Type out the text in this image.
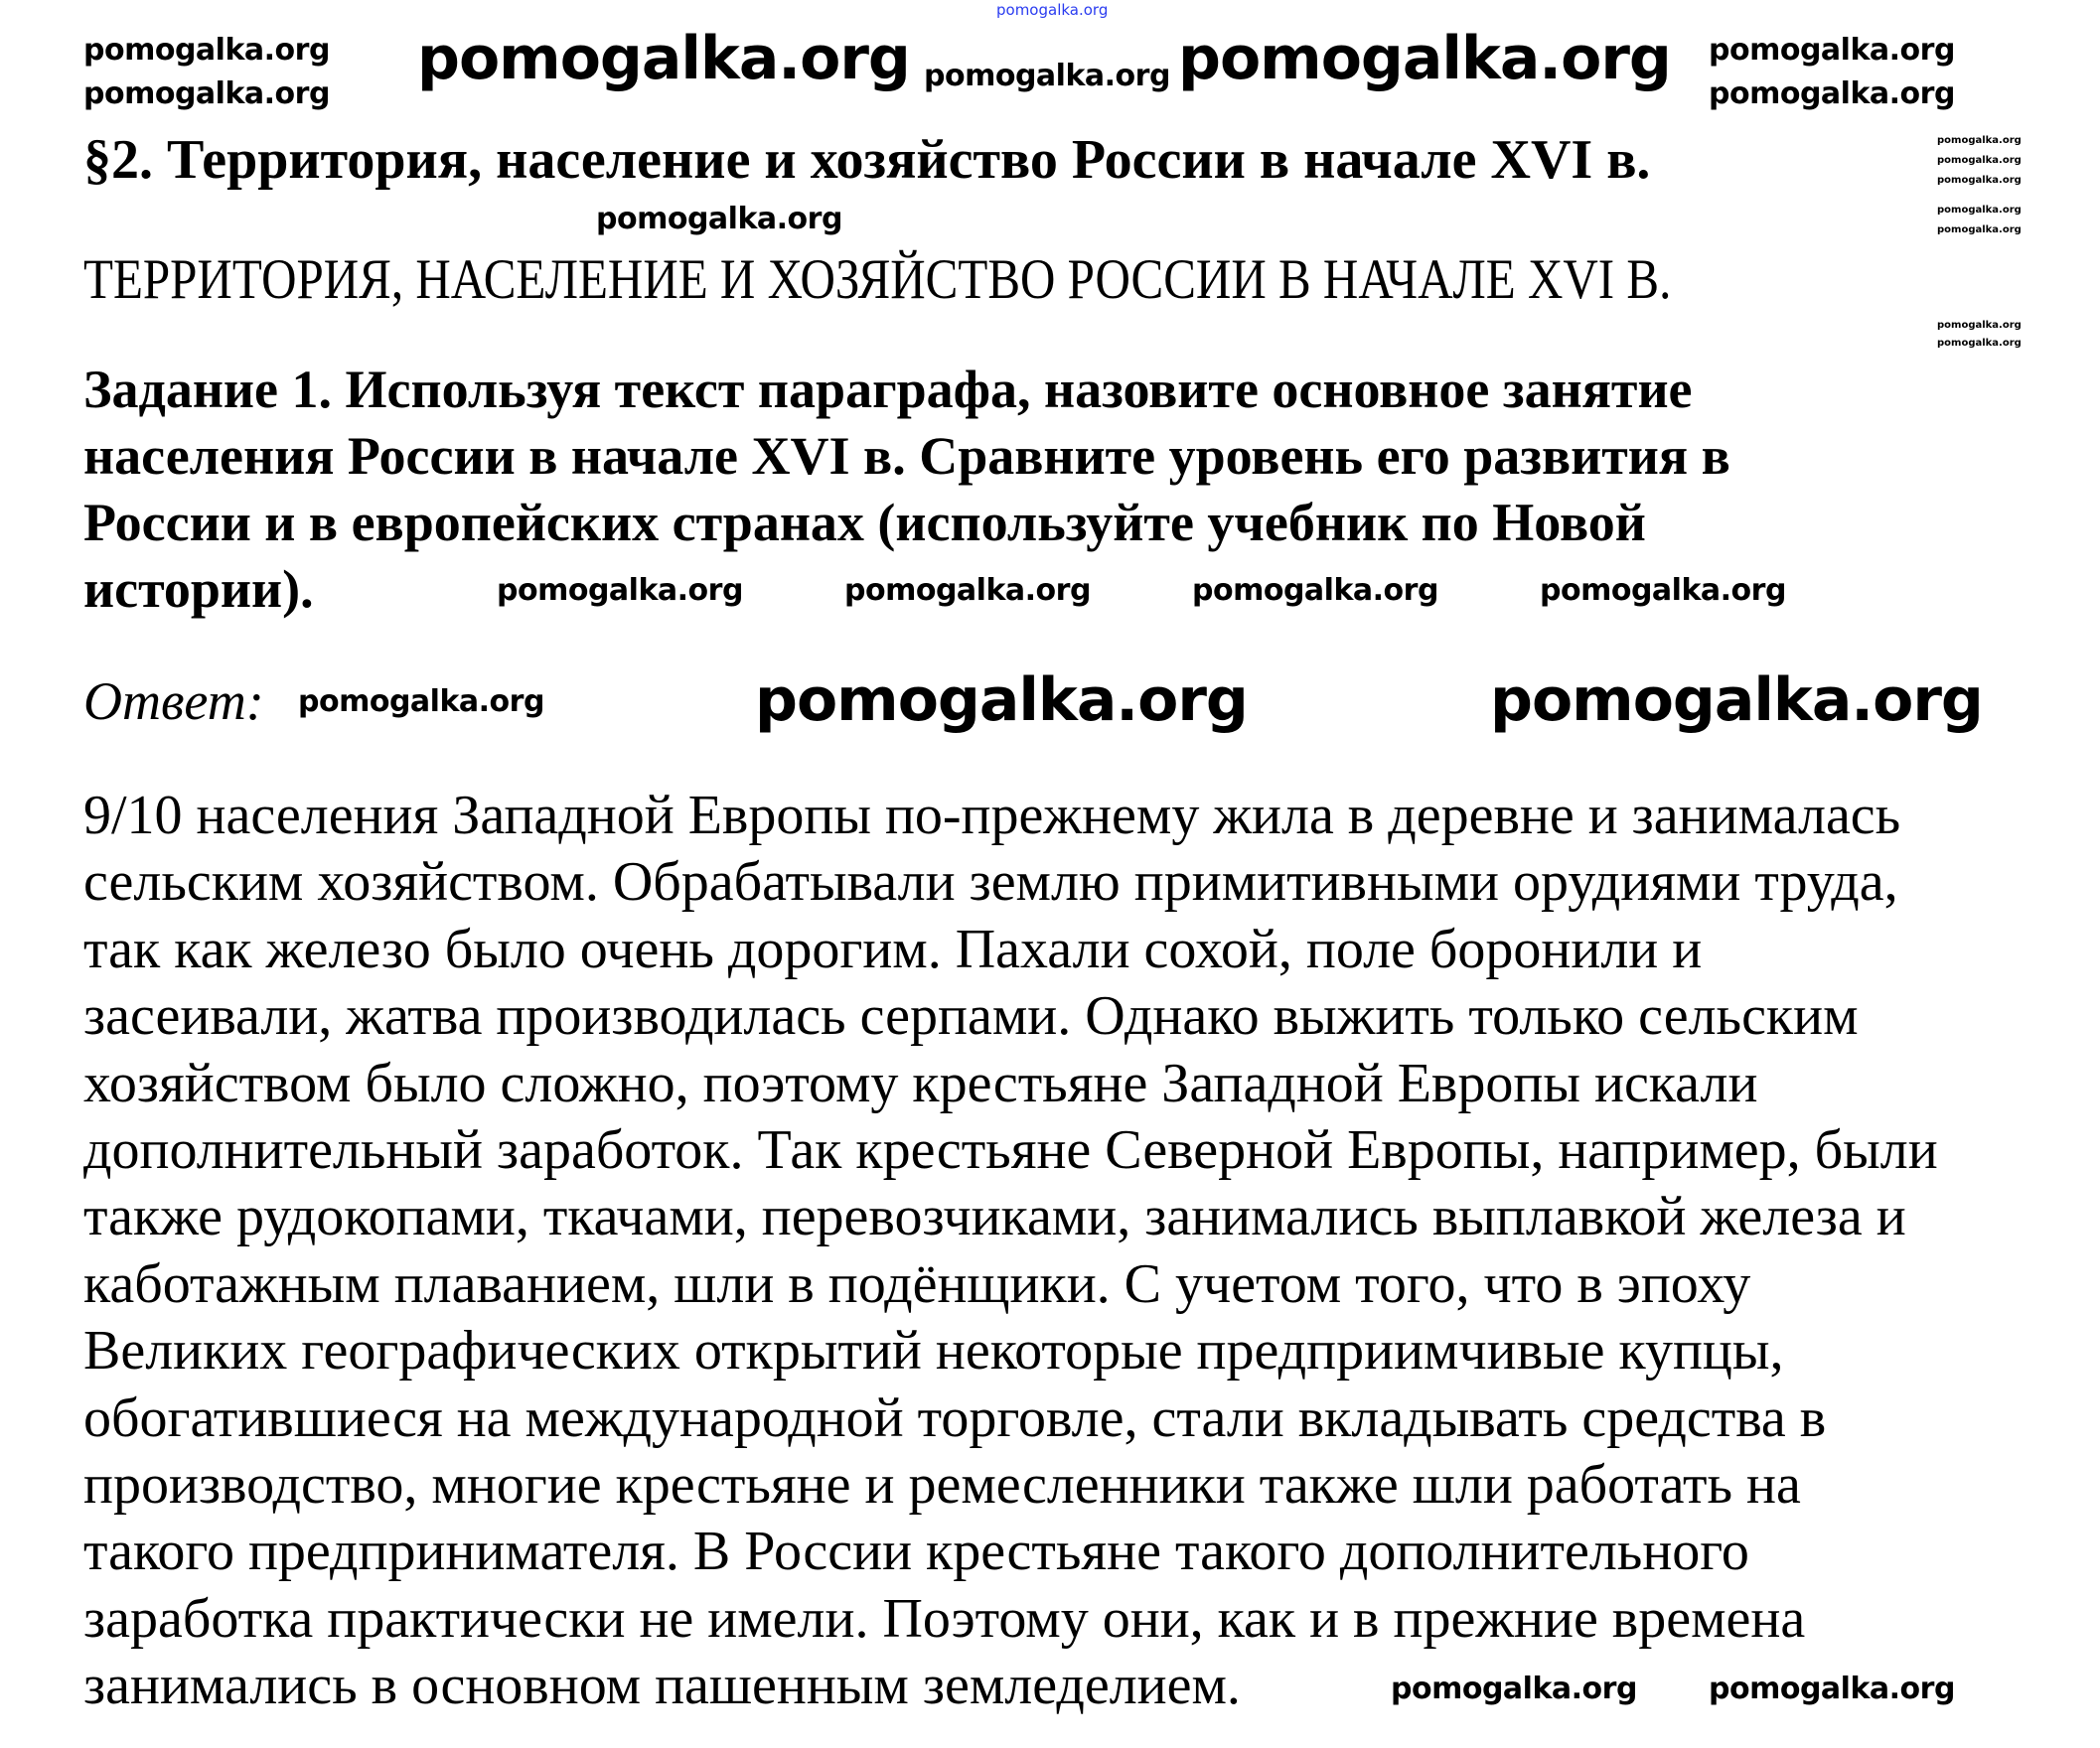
pomogalka.org
§2. Территория, население и хозяйство России в начале XVI в.
ТЕРРИТОРИЯ, НАСЕЛЕНИЕ И ХОЗЯЙСТВО РОССИИ В НАЧАЛЕ XVI В.
Задание 1. Используя текст параграфа, назовите основное занятие
населения России в начале XVI в. Сравните уровень его развития в
России и в европейских странах (используйте учебник по Новой
истории).
Ответ:
9/10 населения Западной Европы по-прежнему жила в деревне и занималась
сельским хозяйством. Обрабатывали землю примитивными орудиями труда,
так как железо было очень дорогим. Пахали сохой, поле боронили и
засеивали, жатва производилась серпами. Однако выжить только сельским
хозяйством было сложно, поэтому крестьяне Западной Европы искали
дополнительный заработок. Так крестьяне Северной Европы, например, были
также рудокопами, ткачами, перевозчиками, занимались выплавкой железа и
каботажным плаванием, шли в подёнщики. С учетом того, что в эпоху
Великих географических открытий некоторые предприимчивые купцы,
обогатившиеся на международной торговле, стали вкладывать средства в
производство, многие крестьяне и ремесленники также шли работать на
такого предпринимателя. В России крестьяне такого дополнительного
заработка практически не имели. Поэтому они, как и в прежние времена
занимались в основном пашенным земледелием.
pomogalka.org
pomogalka.org
pomogalka.org
pomogalka.org
pomogalka.org
pomogalka.org
pomogalka.org
pomogalka.org	pomogalka.org
pomogalka.org	pomogalka.org
pomogalka.org
pomogalka.org
pomogalka.org
pomogalka.org
pomogalka.org
pomogalka.org
pomogalka.org	pomogalka.org	pomogalka.org	pomogalka.org
pomogalka.org
pomogalka.org pomogalka.org
